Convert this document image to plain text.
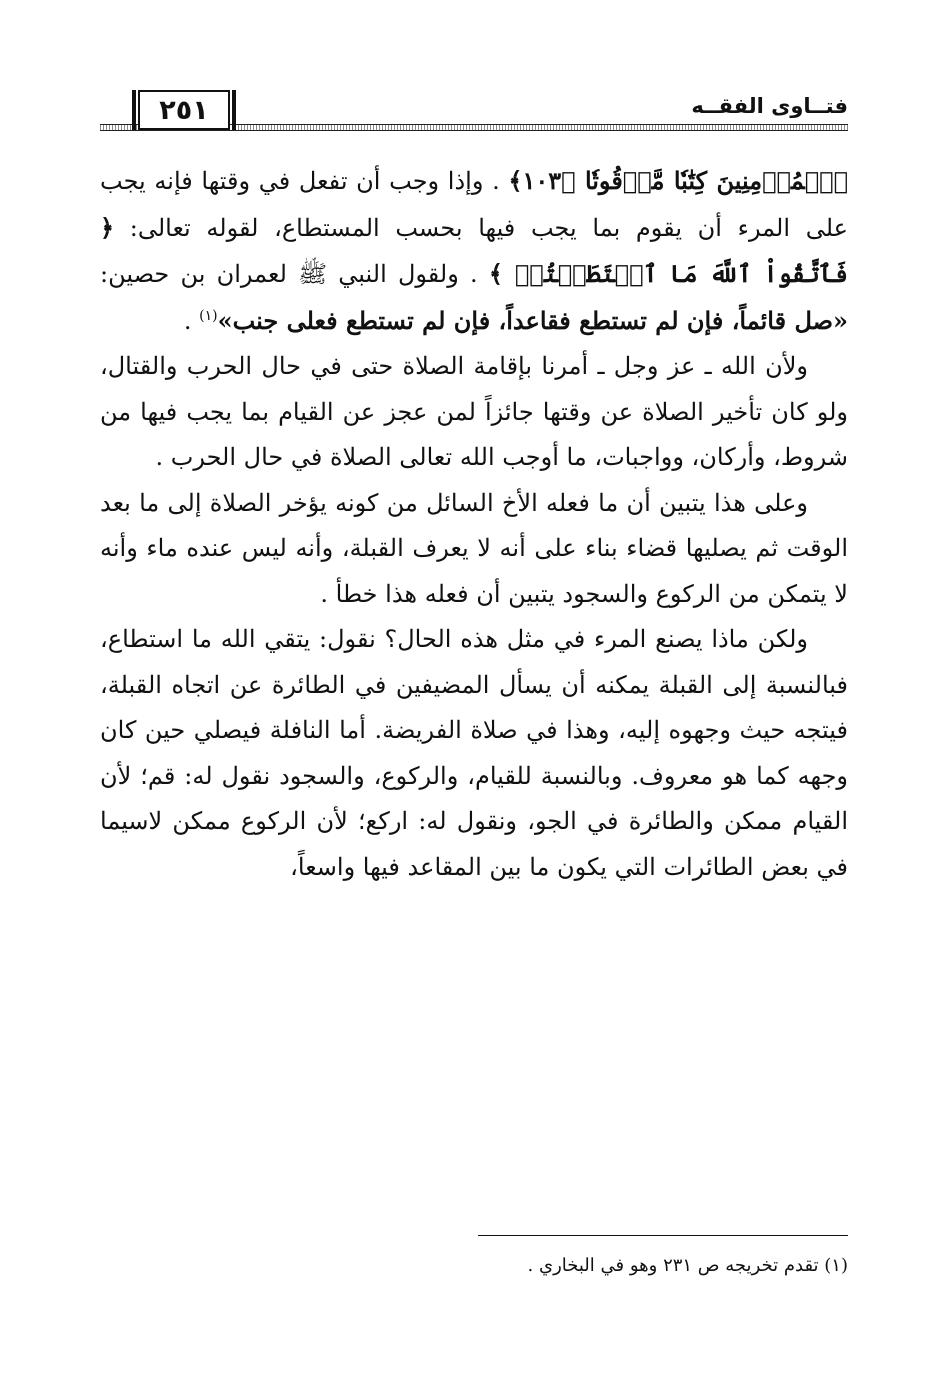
٢٥١	فتــاوى الفقــه

ٱلۡمُؤۡمِنِينَ كِتَٰبٗا مَّوۡقُوتٗا ﴿١٠٣﴾ . وإذا وجب أن تفعل في وقتها فإنه يجب على المرء أن يقوم بما يجب فيها بحسب المستطاع، لقوله تعالى: ﴿ فَٱتَّقُواْ ٱللَّهَ مَا ٱسۡتَطَعۡتُمۡ ﴾ . ولقول النبي ﷺ لعمران بن حصين: «صل قائماً، فإن لم تستطع فقاعداً، فإن لم تستطع فعلى جنب»$^{(١)}$ .

ولأن الله ـ عز وجل ـ أمرنا بإقامة الصلاة حتى في حال الحرب والقتال، ولو كان تأخير الصلاة عن وقتها جائزاً لمن عجز عن القيام بما يجب فيها من شروط، وأركان، وواجبات، ما أوجب الله تعالى الصلاة في حال الحرب .

وعلى هذا يتبين أن ما فعله الأخ السائل من كونه يؤخر الصلاة إلى ما بعد الوقت ثم يصليها قضاء بناء على أنه لا يعرف القبلة، وأنه ليس عنده ماء وأنه لا يتمكن من الركوع والسجود يتبين أن فعله هذا خطأ .

ولكن ماذا يصنع المرء في مثل هذه الحال؟ نقول: يتقي الله ما استطاع، فبالنسبة إلى القبلة يمكنه أن يسأل المضيفين في الطائرة عن اتجاه القبلة، فيتجه حيث وجهوه إليه، وهذا في صلاة الفريضة. أما النافلة فيصلي حين كان وجهه كما هو معروف. وبالنسبة للقيام، والركوع، والسجود نقول له: قم؛ لأن القيام ممكن والطائرة في الجو، ونقول له: اركع؛ لأن الركوع ممكن لاسيما في بعض الطائرات التي يكون ما بين المقاعد فيها واسعاً،

(١) تقدم تخريجه ص ٢٣١ وهو في البخاري .
